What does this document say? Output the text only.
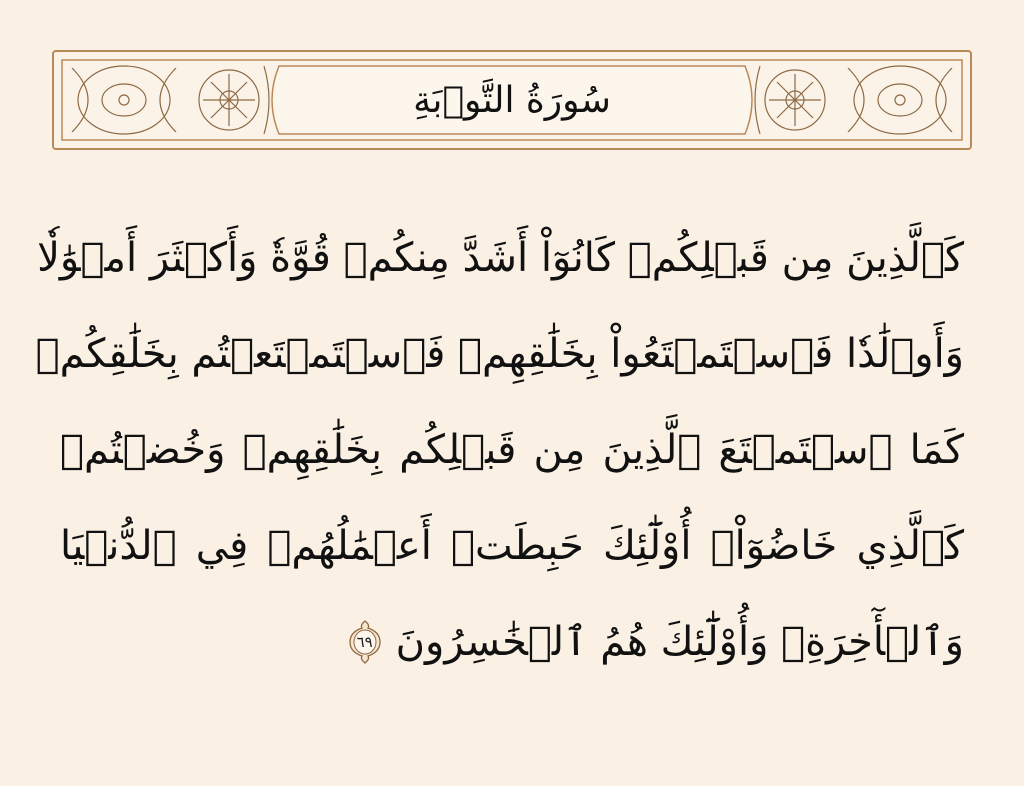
سُورَةُ التَّوۡبَةِ
كَٱلَّذِينَ مِن قَبۡلِكُمۡ كَانُوٓاْ أَشَدَّ مِنكُمۡ قُوَّةٗ وَأَكۡثَرَ أَمۡوَٰلٗا
وَأَوۡلَٰدٗا فَٱسۡتَمۡتَعُواْ بِخَلَٰقِهِمۡ فَٱسۡتَمۡتَعۡتُم بِخَلَٰقِكُمۡ
كَمَا ٱسۡتَمۡتَعَ ٱلَّذِينَ مِن قَبۡلِكُم بِخَلَٰقِهِمۡ وَخُضۡتُمۡ
كَٱلَّذِي خَاضُوٓاْۚ أُوْلَٰٓئِكَ حَبِطَتۡ أَعۡمَٰلُهُمۡ فِي ٱلدُّنۡيَا
وَٱلۡأٓخِرَةِۖ وَأُوْلَٰٓئِكَ هُمُ ٱلۡخَٰسِرُونَ
٦٩
